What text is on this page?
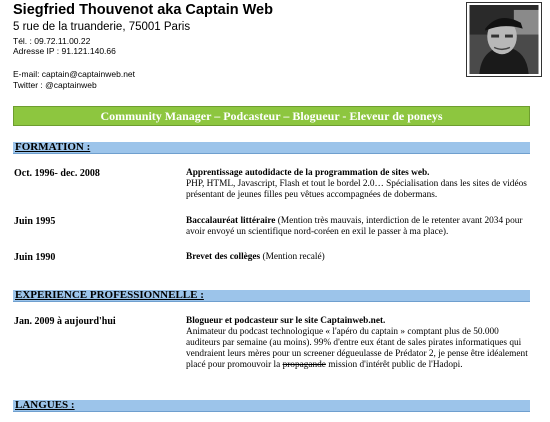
Siegfried Thouvenot aka Captain Web
5 rue de la truanderie, 75001 Paris
Tél. : 09.72.11.00.22
Adresse IP : 91.121.140.66
E-mail: captain@captainweb.net
Twitter : @captainweb
Community Manager – Podcasteur – Blogueur - Eleveur de poneys
FORMATION :
Oct. 1996- dec. 2008	Apprentissage autodidacte de la programmation de sites web.
PHP, HTML, Javascript, Flash et tout le bordel 2.0… Spécialisation dans les sites de vidéos présentant de jeunes filles peu vêtues accompagnées de dobermans.
Juin 1995	Baccalauréat littéraire (Mention très mauvais, interdiction de le retenter avant 2034 pour avoir envoyé un scientifique nord-coréen en exil le passer à ma place).
Juin 1990	Brevet des collèges (Mention recalé)
EXPERIENCE PROFESSIONNELLE :
Jan. 2009 à aujourd'hui	Blogueur et podcasteur sur le site Captainweb.net.
Animateur du podcast technologique « l'apéro du captain » comptant plus de 50.000 auditeurs par semaine (au moins). 99% d'entre eux étant de sales pirates informatiques qui vendraient leurs mères pour un screener dégueulasse de Prédator 2, je pense être idéalement placé pour promouvoir la propagande mission d'intérêt public de l'Hadopi.
LANGUES :
